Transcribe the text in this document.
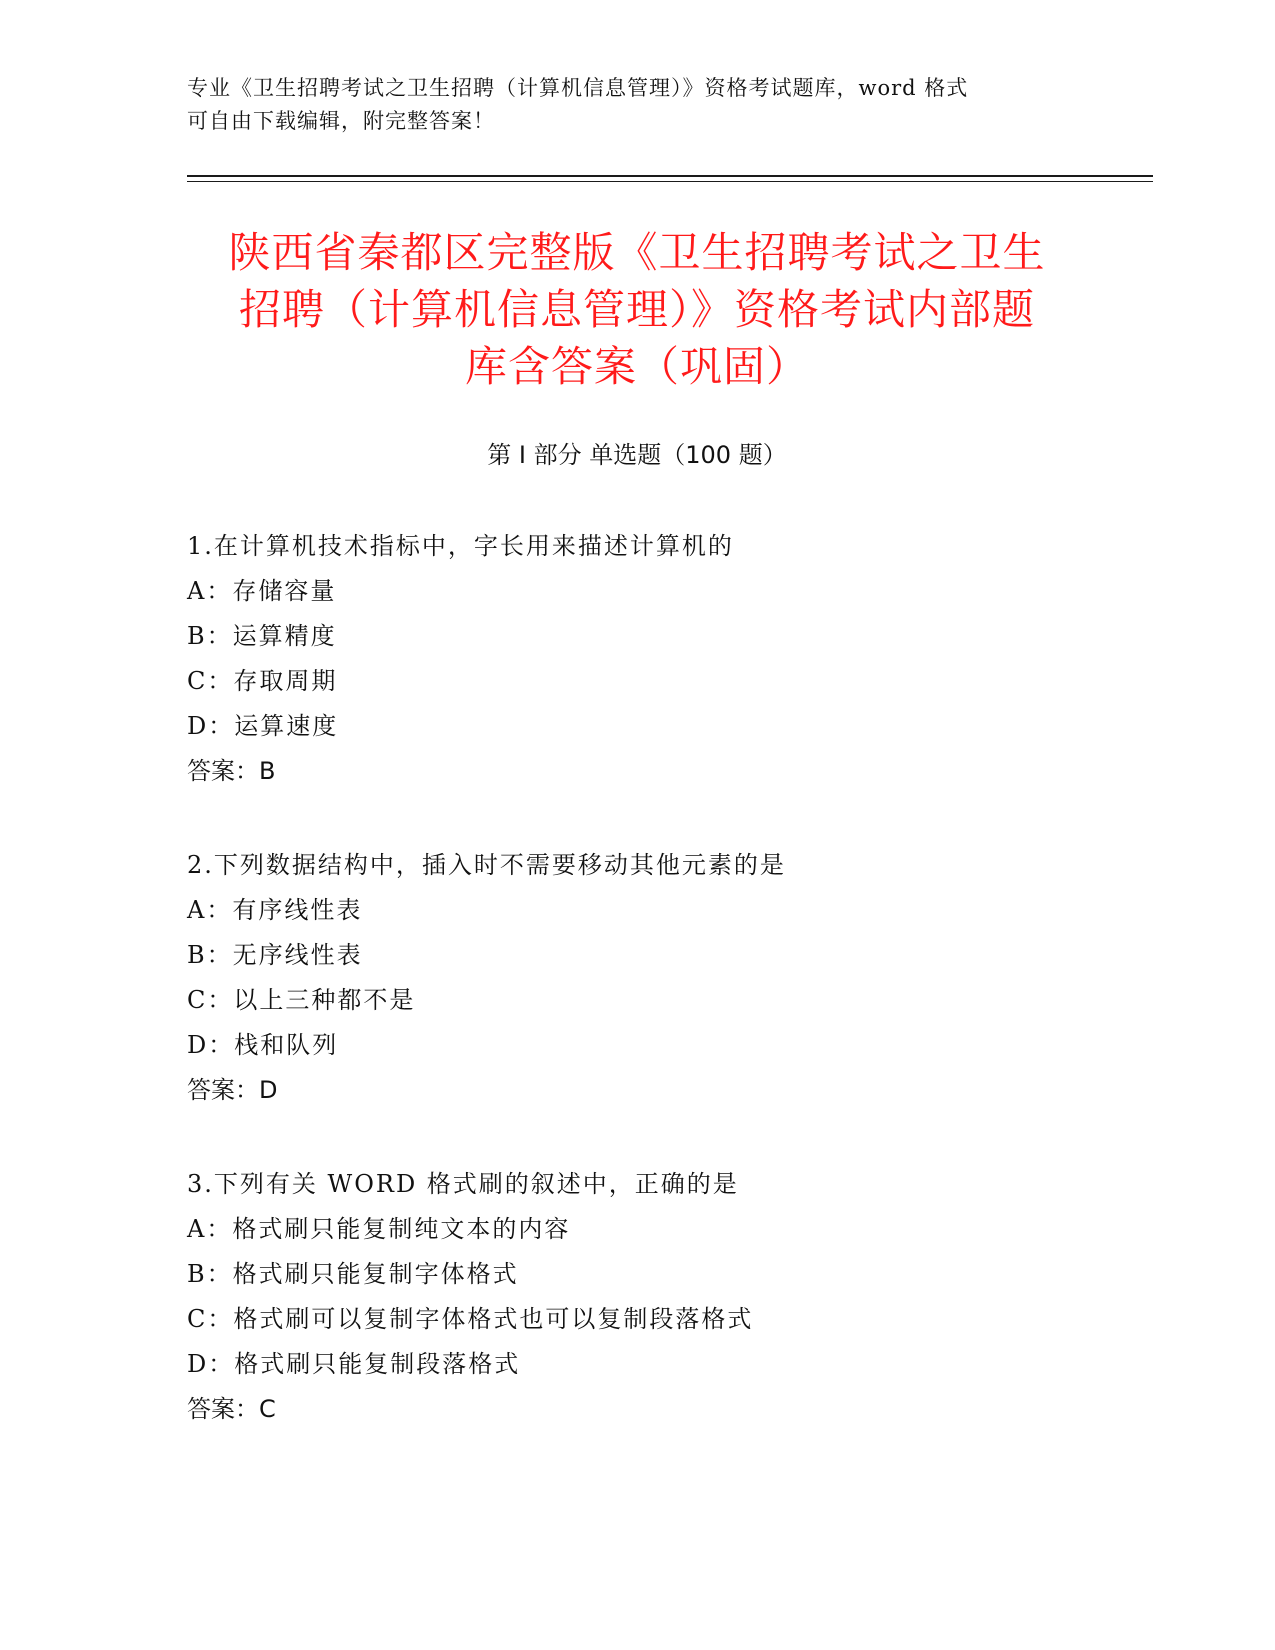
专业《卫生招聘考试之卫生招聘（计算机信息管理）》资格考试题库，word 格式
可自由下载编辑，附完整答案！
陕西省秦都区完整版《卫生招聘考试之卫生
招聘（计算机信息管理）》资格考试内部题
库含答案（巩固）
第 I 部分 单选题（100 题）
1.在计算机技术指标中，字长用来描述计算机的
A：存储容量
B：运算精度
C：存取周期
D：运算速度
答案：B
2.下列数据结构中，插入时不需要移动其他元素的是
A：有序线性表
B：无序线性表
C：以上三种都不是
D：栈和队列
答案：D
3.下列有关 WORD 格式刷的叙述中，正确的是
A：格式刷只能复制纯文本的内容
B：格式刷只能复制字体格式
C：格式刷可以复制字体格式也可以复制段落格式
D：格式刷只能复制段落格式
答案：C
